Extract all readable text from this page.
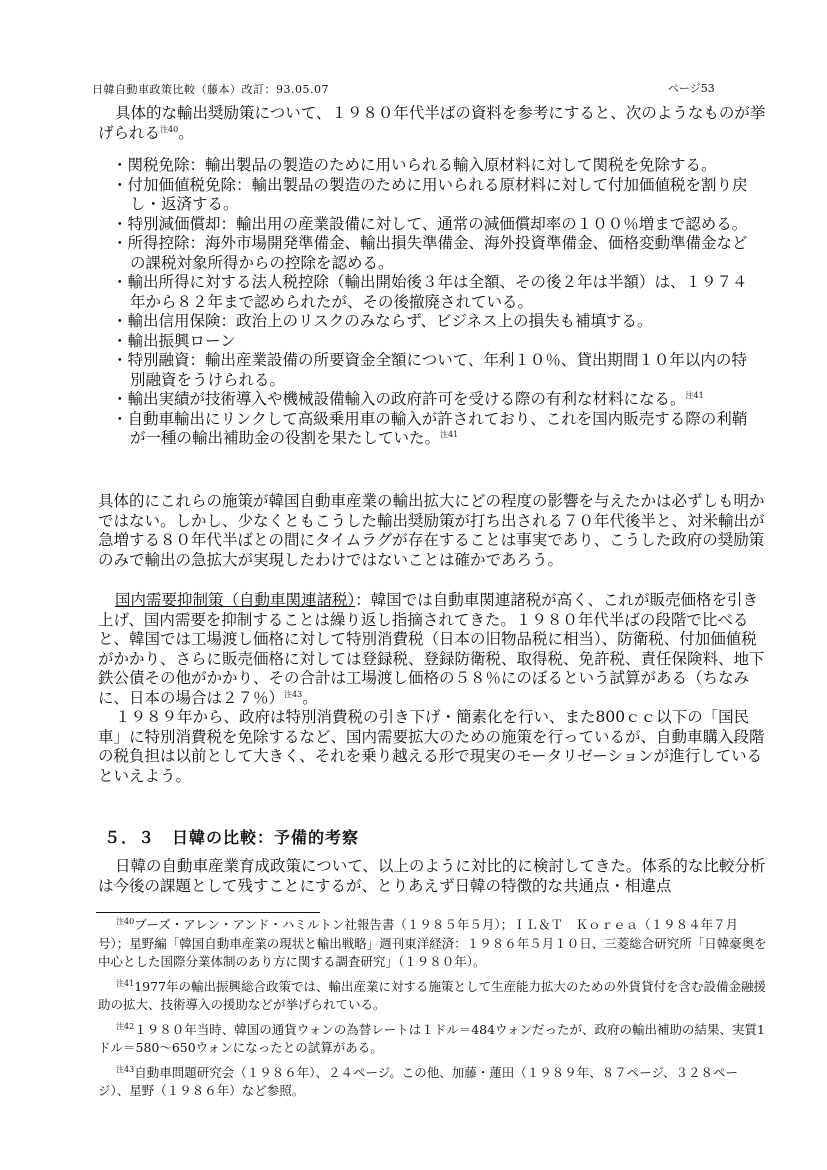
日韓自動車政策比較（藤本）改訂：93.05.07	ページ53

具体的な輸出奨励策について、１９８０年代半ばの資料を参考にすると、次のようなものが挙げられる$^{注40}$。

・関税免除：輸出製品の製造のために用いられる輸入原材料に対して関税を免除する。

・付加価値税免除：輸出製品の製造のために用いられる原材料に対して付加価値税を割り戻し・返済する。

・特別減価償却：輸出用の産業設備に対して、通常の減価償却率の１００％増まで認める。

・所得控除：海外市場開発準備金、輸出損失準備金、海外投資準備金、価格変動準備金などの課税対象所得からの控除を認める。

・輸出所得に対する法人税控除（輸出開始後３年は全額、その後２年は半額）は、１９７４年から８２年まで認められたが、その後撤廃されている。

・輸出信用保険：政治上のリスクのみならず、ビジネス上の損失も補填する。

・輸出振興ローン

・特別融資：輸出産業設備の所要資金全額について、年利１０％、貸出期間１０年以内の特別融資をうけられる。

・輸出実績が技術導入や機械設備輸入の政府許可を受ける際の有利な材料になる。$^{注41}$

・自動車輸出にリンクして高級乗用車の輸入が許されており、これを国内販売する際の利鞘が一種の輸出補助金の役割を果たしていた。$^{注41}$

具体的にこれらの施策が韓国自動車産業の輸出拡大にどの程度の影響を与えたかは必ずしも明かではない。しかし、少なくともこうした輸出奨励策が打ち出される７０年代後半と、対米輸出が急増する８０年代半ばとの間にタイムラグが存在することは事実であり、こうした政府の奨励策のみで輸出の急拡大が実現したわけではないことは確かであろう。

国内需要抑制策（自動車関連諸税）：韓国では自動車関連諸税が高く、これが販売価格を引き上げ、国内需要を抑制することは繰り返し指摘されてきた。１９８０年代半ばの段階で比べると、韓国では工場渡し価格に対して特別消費税（日本の旧物品税に相当）、防衛税、付加価値税がかかり、さらに販売価格に対しては登録税、登録防衛税、取得税、免許税、責任保険料、地下鉄公債その他がかかり、その合計は工場渡し価格の５８％にのぼるという試算がある（ちなみに、日本の場合は２７％）$^{注43}$。

１９８９年から、政府は特別消費税の引き下げ・簡素化を行い、また800ｃｃ以下の「国民車」に特別消費税を免除するなど、国内需要拡大のための施策を行っているが、自動車購入段階の税負担は以前として大きく、それを乗り越える形で現実のモータリゼーションが進行しているといえよう。

５．３　日韓の比較：予備的考察

日韓の自動車産業育成政策について、以上のように対比的に検討してきた。体系的な比較分析は今後の課題として残すことにするが、とりあえず日韓の特徴的な共通点・相違点

$^{注40}$ブーズ・アレン・アンド・ハミルトン社報告書（１９８５年５月）；ＩＬ＆Ｔ　Ｋｏｒｅａ（１９８４年７月号）；星野編「韓国自動車産業の現状と輸出戦略」週刊東洋経済：１９８６年５月１０日、三菱総合研究所「日韓豪奥を中心とした国際分業体制のあり方に関する調査研究」（１９８０年）。

$^{注41}$1977年の輸出振興総合政策では、輸出産業に対する施策として生産能力拡大のための外貨貸付を含む設備金融援助の拡大、技術導入の援助などが挙げられている。

$^{注42}$１９８０年当時、韓国の通貨ウォンの為替レートは１ドル＝484ウォンだったが、政府の輸出補助の結果、実質1ドル＝580～650ウォンになったとの試算がある。

$^{注43}$自動車問題研究会（１９８６年）、２４ページ。この他、加藤・蓮田（１９８９年、８７ページ、３２８ページ）、星野（１９８６年）など参照。
